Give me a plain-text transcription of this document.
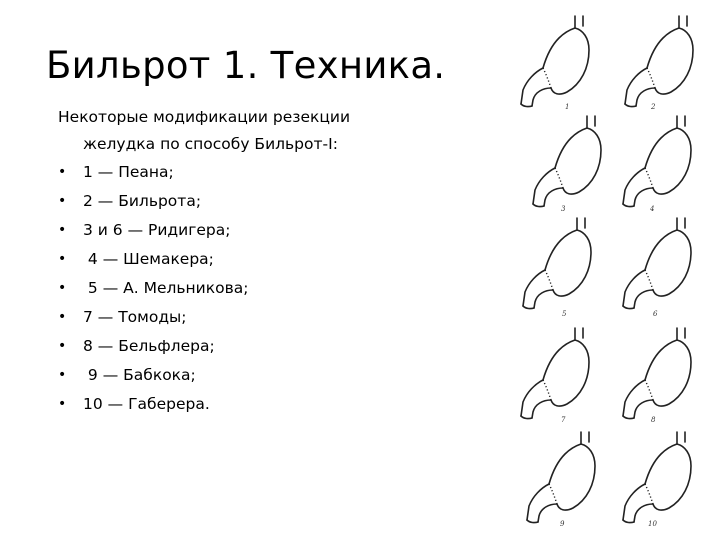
Бильрот 1. Техника.

Некоторые модификации резекции
желудка по способу Бильрот-I:

• 1 — Пеана;
• 2 — Бильрота;
• 3 и 6 — Ридигера;
• 4 — Шемакера;
• 5 — А. Мельникова;
• 7 — Томоды;
• 8 — Бельфлера;
• 9 — Бабкока;
• 10 — Габерера.
1	2
3	4
5	6
7	8
9	10
